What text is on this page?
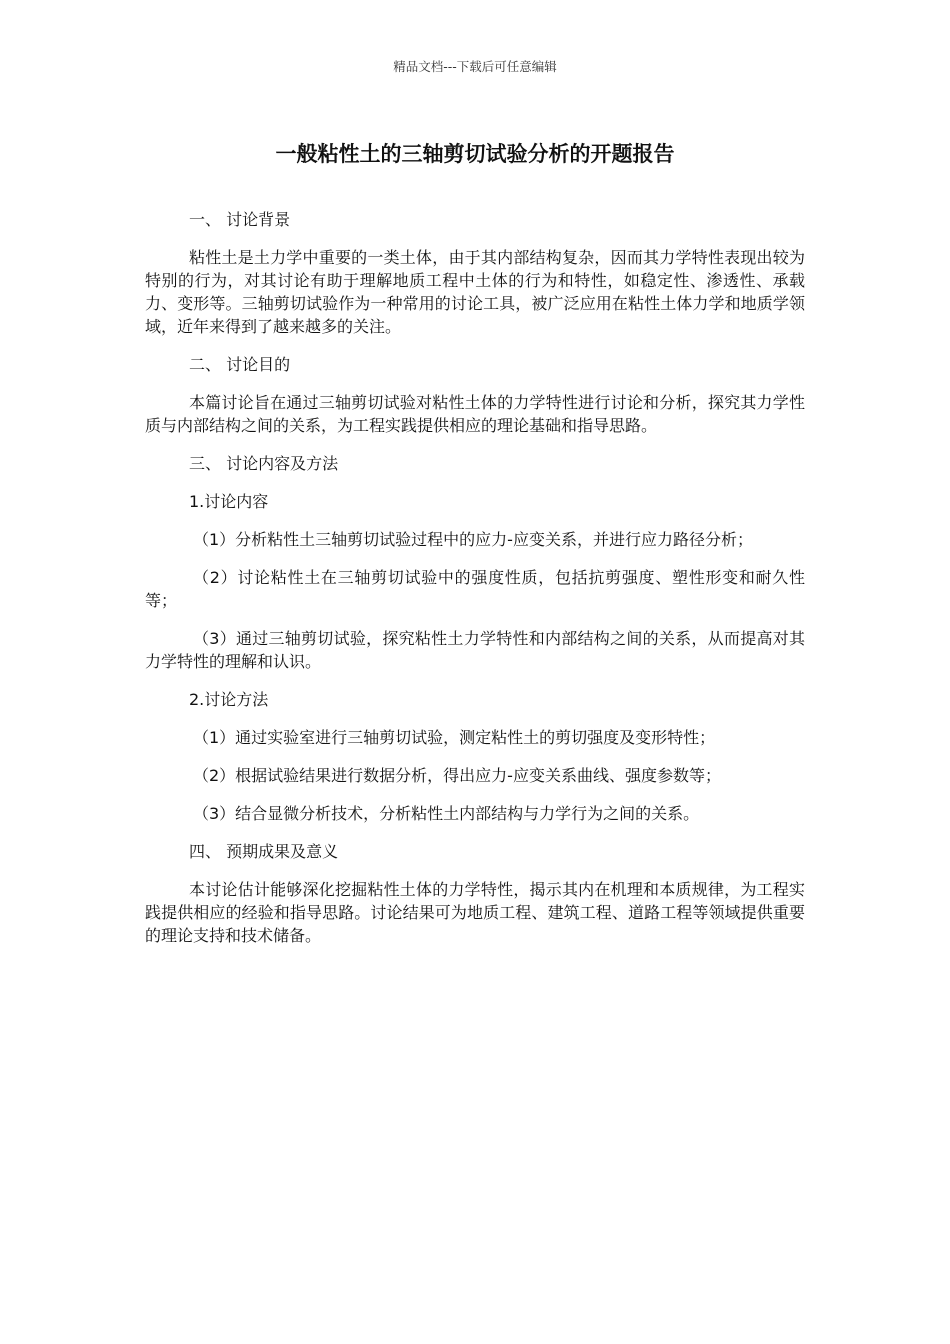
精品文档---下载后可任意编辑
一般粘性土的三轴剪切试验分析的开题报告

一、 讨论背景

粘性土是土力学中重要的一类土体，由于其内部结构复杂，因而其力学特性表现出较为特别的行为，对其讨论有助于理解地质工程中土体的行为和特性，如稳定性、渗透性、承载力、变形等。三轴剪切试验作为一种常用的讨论工具，被广泛应用在粘性土体力学和地质学领域，近年来得到了越来越多的关注。

二、 讨论目的

本篇讨论旨在通过三轴剪切试验对粘性土体的力学特性进行讨论和分析，探究其力学性质与内部结构之间的关系，为工程实践提供相应的理论基础和指导思路。

三、 讨论内容及方法

1.讨论内容

（1）分析粘性土三轴剪切试验过程中的应力-应变关系，并进行应力路径分析；

（2）讨论粘性土在三轴剪切试验中的强度性质，包括抗剪强度、塑性形变和耐久性等；

（3）通过三轴剪切试验，探究粘性土力学特性和内部结构之间的关系，从而提高对其力学特性的理解和认识。

2.讨论方法

（1）通过实验室进行三轴剪切试验，测定粘性土的剪切强度及变形特性；

（2）根据试验结果进行数据分析，得出应力-应变关系曲线、强度参数等；

（3）结合显微分析技术，分析粘性土内部结构与力学行为之间的关系。

四、 预期成果及意义

本讨论估计能够深化挖掘粘性土体的力学特性，揭示其内在机理和本质规律，为工程实践提供相应的经验和指导思路。讨论结果可为地质工程、建筑工程、道路工程等领域提供重要的理论支持和技术储备。
